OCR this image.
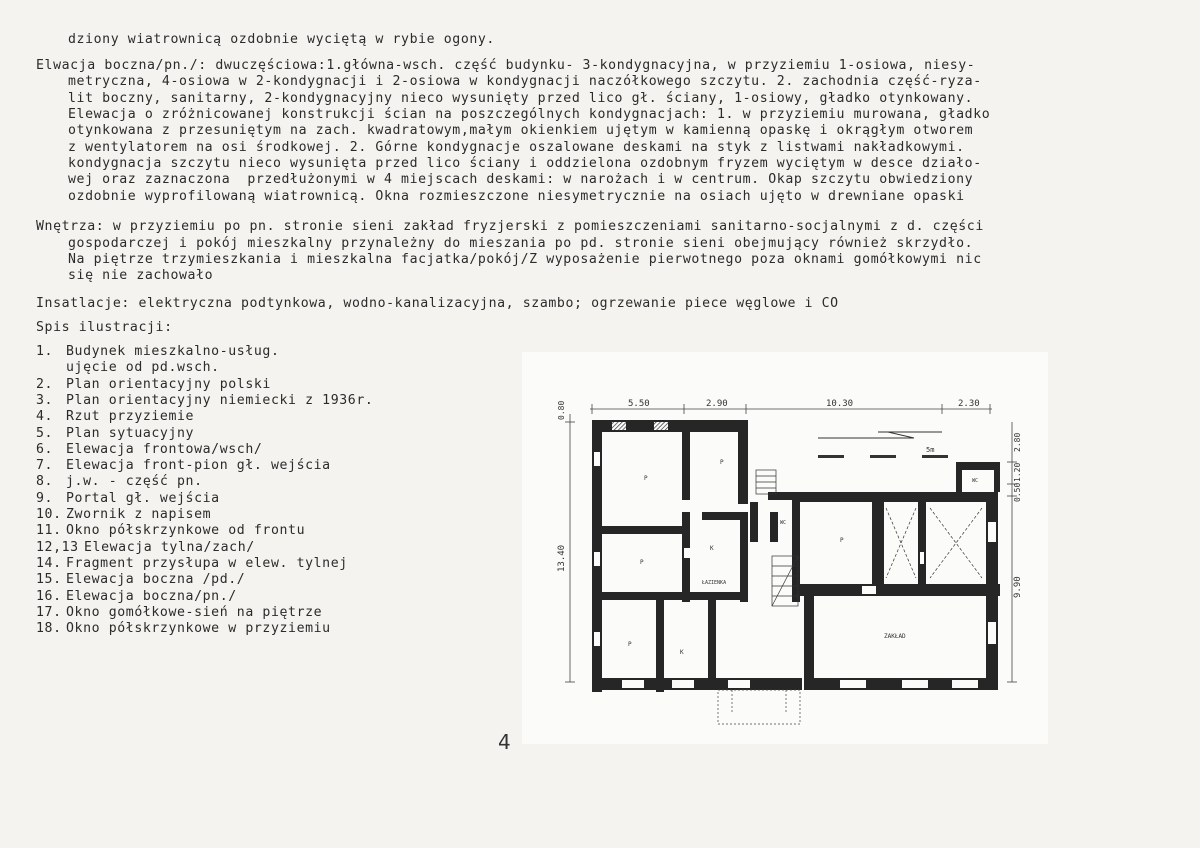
dziony wiatrownicą ozdobnie wyciętą w rybie ogony.
Elwacja boczna/pn./: dwuczęściowa:1.główna-wsch. część budynku- 3-kondygnacyjna, w przyziemiu 1-osiowa, niesy-
metryczna, 4-osiowa w 2-kondygnacji i 2-osiowa w kondygnacji naczółkowego szczytu. 2. zachodnia część-ryza-
lit boczny, sanitarny, 2-kondygnacyjny nieco wysunięty przed lico gł. ściany, 1-osiowy, gładko otynkowany.
Elewacja o zróżnicowanej konstrukcji ścian na poszczególnych kondygnacjach: 1. w przyziemiu murowana, gładko
otynkowana z przesuniętym na zach. kwadratowym,małym okienkiem ujętym w kamienną opaskę i okrągłym otworem
z wentylatorem na osi środkowej. 2. Górne kondygnacje oszalowane deskami na styk z listwami nakładkowymi.
kondygnacja szczytu nieco wysunięta przed lico ściany i oddzielona ozdobnym fryzem wyciętym w desce działo-
wej oraz zaznaczona  przedłużonymi w 4 miejscach deskami: w narożach i w centrum. Okap szczytu obwiedziony
ozdobnie wyprofilowaną wiatrownicą. Okna rozmieszczone niesymetrycznie na osiach ujęto w drewniane opaski
Wnętrza: w przyziemiu po pn. stronie sieni zakład fryzjerski z pomieszczeniami sanitarno-socjalnymi z d. części
gospodarczej i pokój mieszkalny przynależny do mieszania po pd. stronie sieni obejmujący również skrzydło.
Na piętrze trzymieszkania i mieszkalna facjatka/pokój/Z wyposażenie pierwotnego poza oknami gomółkowymi nic
się nie zachowało
Insatlacje: elektryczna podtynkowa, wodno-kanalizacyjna, szambo; ogrzewanie piece węglowe i CO
Spis ilustracji:
1. Budynek mieszkalno-usług.
ujęcie od pd.wsch.
2. Plan orientacyjny polski
3. Plan orientacyjny niemiecki z 1936r.
4. Rzut przyziemie
5. Plan sytuacyjny
6. Elewacja frontowa/wsch/
7. Elewacja front-pion gł. wejścia
8. j.w. - część pn.
9. Portal gł. wejścia
10. Zwornik z napisem
11. Okno półskrzynkowe od frontu
12,13 Elewacja tylna/zach/
14. Fragment przysłupa w elew. tylnej
15. Elewacja boczna /pd./
16. Elewacja boczna/pn./
17. Okno gomółkowe-sień na piętrze
18. Okno półskrzynkowe w przyziemiu
5.50	2.90	10.30	2.30
0.80
13.40
2.80
1.20
0.50
9.90
5m
P
P
P
K
ŁAZIENKA
P
K
P
WC
WC
ZAKŁAD
4
